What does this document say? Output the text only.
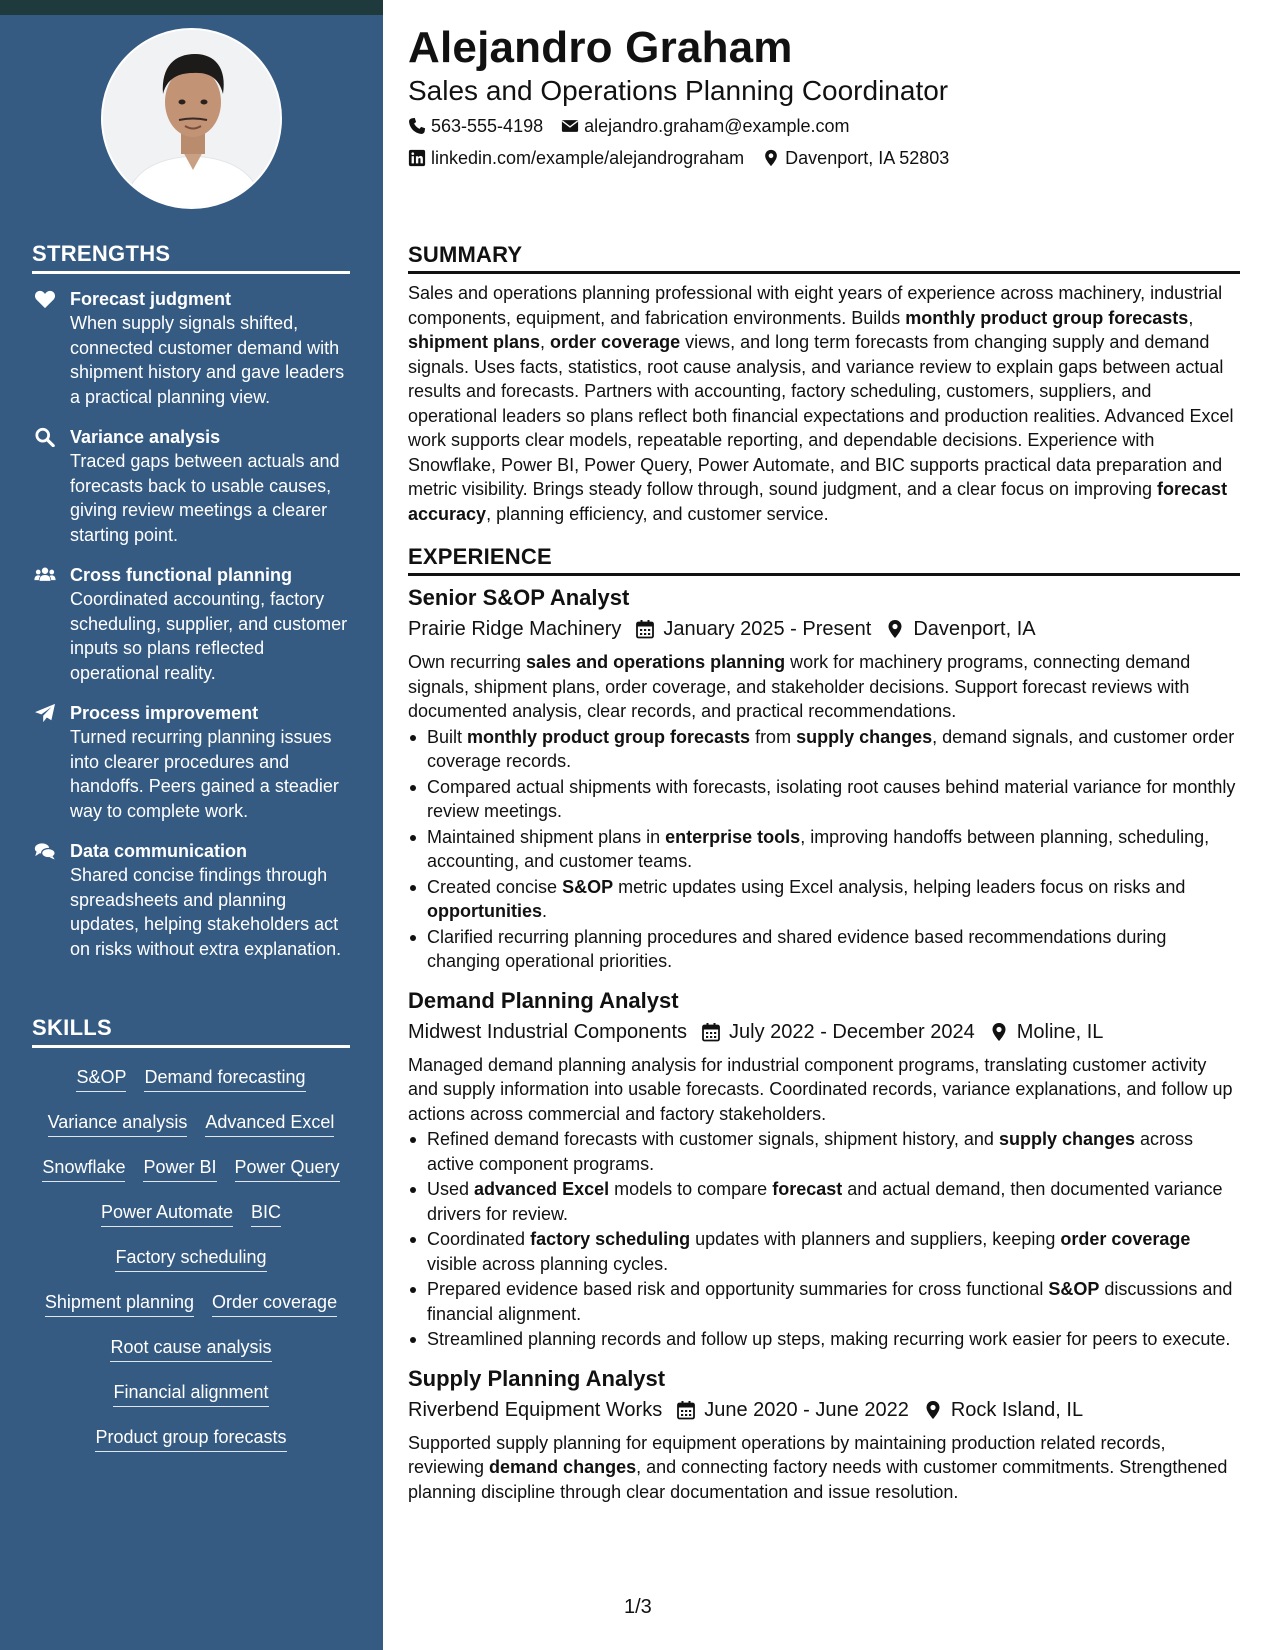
STRENGTHS
Forecast judgment
When supply signals shifted, connected customer demand with shipment history and gave leaders a practical planning view.
Variance analysis
Traced gaps between actuals and forecasts back to usable causes, giving review meetings a clearer starting point.
Cross functional planning
Coordinated accounting, factory scheduling, supplier, and customer inputs so plans reflected operational reality.
Process improvement
Turned recurring planning issues into clearer procedures and handoffs. Peers gained a steadier way to complete work.
Data communication
Shared concise findings through spreadsheets and planning updates, helping stakeholders act on risks without extra explanation.
SKILLS
S&OP Demand forecasting
Variance analysis Advanced Excel
Snowflake Power BI Power Query
Power Automate BIC
Factory scheduling
Shipment planning Order coverage
Root cause analysis
Financial alignment
Product group forecasts
Alejandro Graham
Sales and Operations Planning Coordinator
563-555-4198 alejandro.graham@example.com
linkedin.com/example/alejandrograham Davenport, IA 52803
SUMMARY
Sales and operations planning professional with eight years of experience across machinery, industrial components, equipment, and fabrication environments. Builds monthly product group forecasts, shipment plans, order coverage views, and long term forecasts from changing supply and demand signals. Uses facts, statistics, root cause analysis, and variance review to explain gaps between actual results and forecasts. Partners with accounting, factory scheduling, customers, suppliers, and operational leaders so plans reflect both financial expectations and production realities. Advanced Excel work supports clear models, repeatable reporting, and dependable decisions. Experience with Snowflake, Power BI, Power Query, Power Automate, and BIC supports practical data preparation and metric visibility. Brings steady follow through, sound judgment, and a clear focus on improving forecast accuracy, planning efficiency, and customer service.
EXPERIENCE
Senior S&OP Analyst
Prairie Ridge Machinery January 2025 - Present Davenport, IA
Own recurring sales and operations planning work for machinery programs, connecting demand signals, shipment plans, order coverage, and stakeholder decisions. Support forecast reviews with documented analysis, clear records, and practical recommendations.
Built monthly product group forecasts from supply changes, demand signals, and customer order coverage records.
Compared actual shipments with forecasts, isolating root causes behind material variance for monthly review meetings.
Maintained shipment plans in enterprise tools, improving handoffs between planning, scheduling, accounting, and customer teams.
Created concise S&OP metric updates using Excel analysis, helping leaders focus on risks and opportunities.
Clarified recurring planning procedures and shared evidence based recommendations during changing operational priorities.
Demand Planning Analyst
Midwest Industrial Components July 2022 - December 2024 Moline, IL
Managed demand planning analysis for industrial component programs, translating customer activity and supply information into usable forecasts. Coordinated records, variance explanations, and follow up actions across commercial and factory stakeholders.
Refined demand forecasts with customer signals, shipment history, and supply changes across active component programs.
Used advanced Excel models to compare forecast and actual demand, then documented variance drivers for review.
Coordinated factory scheduling updates with planners and suppliers, keeping order coverage visible across planning cycles.
Prepared evidence based risk and opportunity summaries for cross functional S&OP discussions and financial alignment.
Streamlined planning records and follow up steps, making recurring work easier for peers to execute.
Supply Planning Analyst
Riverbend Equipment Works June 2020 - June 2022 Rock Island, IL
Supported supply planning for equipment operations by maintaining production related records, reviewing demand changes, and connecting factory needs with customer commitments. Strengthened planning discipline through clear documentation and issue resolution.
1/3
